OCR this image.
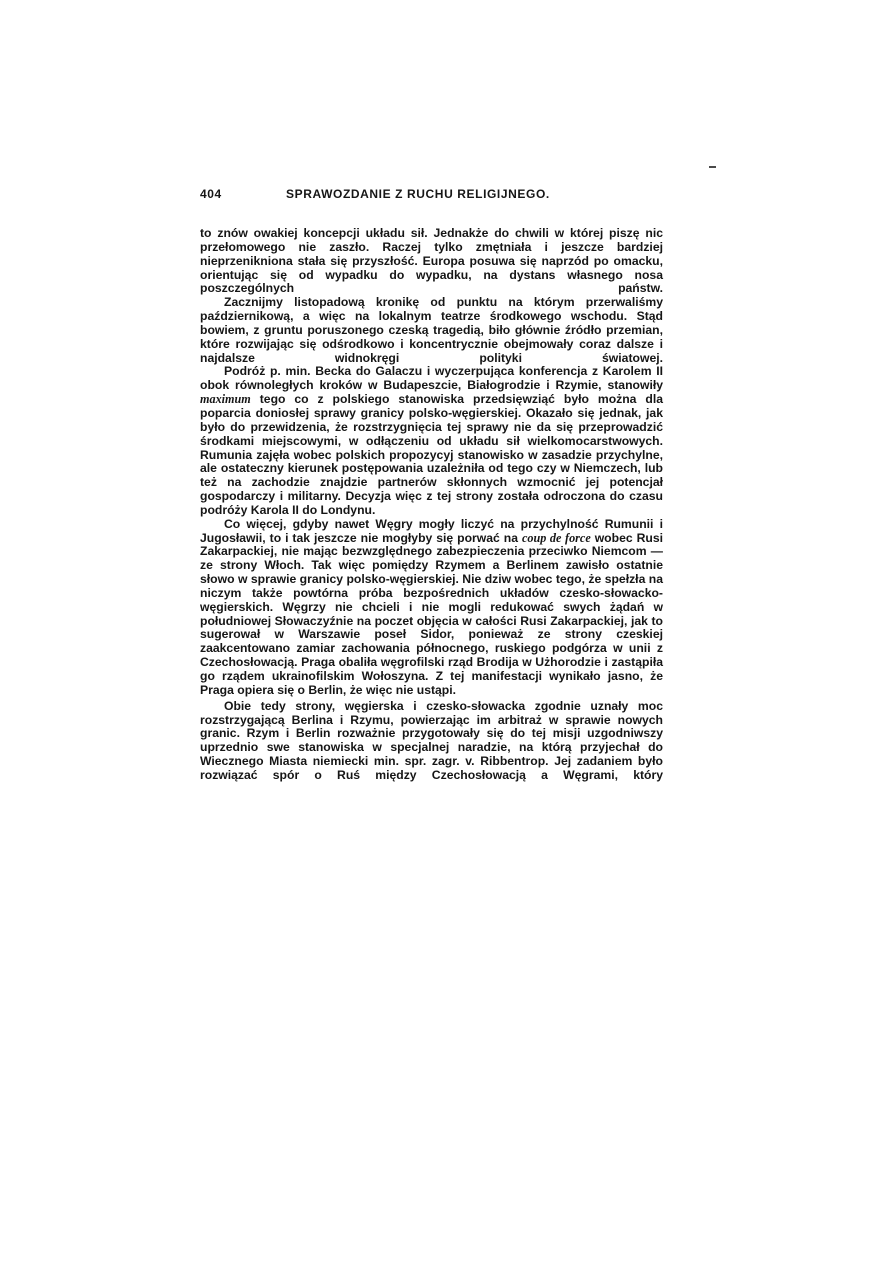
404	SPRAWOZDANIE Z RUCHU RELIGIJNEGO.

to znów owakiej koncepcji układu sił. Jednakże do chwili w której piszę nic przełomowego nie zaszło. Raczej tylko zmętniała i jeszcze bardziej nieprzenikniona stała się przyszłość. Europa posuwa się naprzód po omacku, orientując się od wypadku do wypadku, na dystans własnego nosa poszczególnych państw.

Zacznijmy listopadową kronikę od punktu na którym przerwaliśmy październikową, a więc na lokalnym teatrze środkowego wschodu. Stąd bowiem, z gruntu poruszonego czeską tragedią, biło głównie źródło przemian, które rozwijając się odśrodkowo i koncentrycznie obejmowały coraz dalsze i najdalsze widnokręgi polityki światowej.

Podróż p. min. Becka do Galaczu i wyczerpująca konferencja z Karolem II obok równoległych kroków w Budapeszcie, Białogrodzie i Rzymie, stanowiły maximum tego co z polskiego stanowiska przedsięwziąć było można dla poparcia doniosłej sprawy granicy polsko-węgierskiej. Okazało się jednak, jak było do przewidzenia, że rozstrzygnięcia tej sprawy nie da się przeprowadzić środkami miejscowymi, w odłączeniu od układu sił wielkomocarstwowych. Rumunia zajęła wobec polskich propozycyj stanowisko w zasadzie przychylne, ale ostateczny kierunek postępowania uzależniła od tego czy w Niemczech, lub też na zachodzie znajdzie partnerów skłonnych wzmocnić jej potencjał gospodarczy i militarny. Decyzja więc z tej strony została odroczona do czasu podróży Karola II do Londynu.

Co więcej, gdyby nawet Węgry mogły liczyć na przychylność Rumunii i Jugosławii, to i tak jeszcze nie mogłyby się porwać na coup de force wobec Rusi Zakarpackiej, nie mając bezwzględnego zabezpieczenia przeciwko Niemcom — ze strony Włoch. Tak więc pomiędzy Rzymem a Berlinem zawisło ostatnie słowo w sprawie granicy polsko-węgierskiej. Nie dziw wobec tego, że spełzła na niczym także powtórna próba bezpośrednich układów czesko-słowacko-węgierskich. Węgrzy nie chcieli i nie mogli redukować swych żądań w południowej Słowaczyźnie na poczet objęcia w całości Rusi Zakarpackiej, jak to sugerował w Warszawie poseł Sidor, ponieważ ze strony czeskiej zaakcentowano zamiar zachowania północnego, ruskiego podgórza w unii z Czechosłowacją. Praga obaliła węgrofilski rząd Brodija w Użhorodzie i zastąpiła go rządem ukrainofilskim Wołoszyna. Z tej manifestacji wynikało jasno, że Praga opiera się o Berlin, że więc nie ustąpi.

Obie tedy strony, węgierska i czesko-słowacka zgodnie uznały moc rozstrzygającą Berlina i Rzymu, powierzając im arbitraż w sprawie nowych granic. Rzym i Berlin rozważnie przygotowały się do tej misji uzgodniwszy uprzednio swe stanowiska w specjalnej naradzie, na którą przyjechał do Wiecznego Miasta niemiecki min. spr. zagr. v. Ribbentrop. Jej zadaniem było rozwiązać spór o Ruś między Czechosłowacją a Węgrami, który
